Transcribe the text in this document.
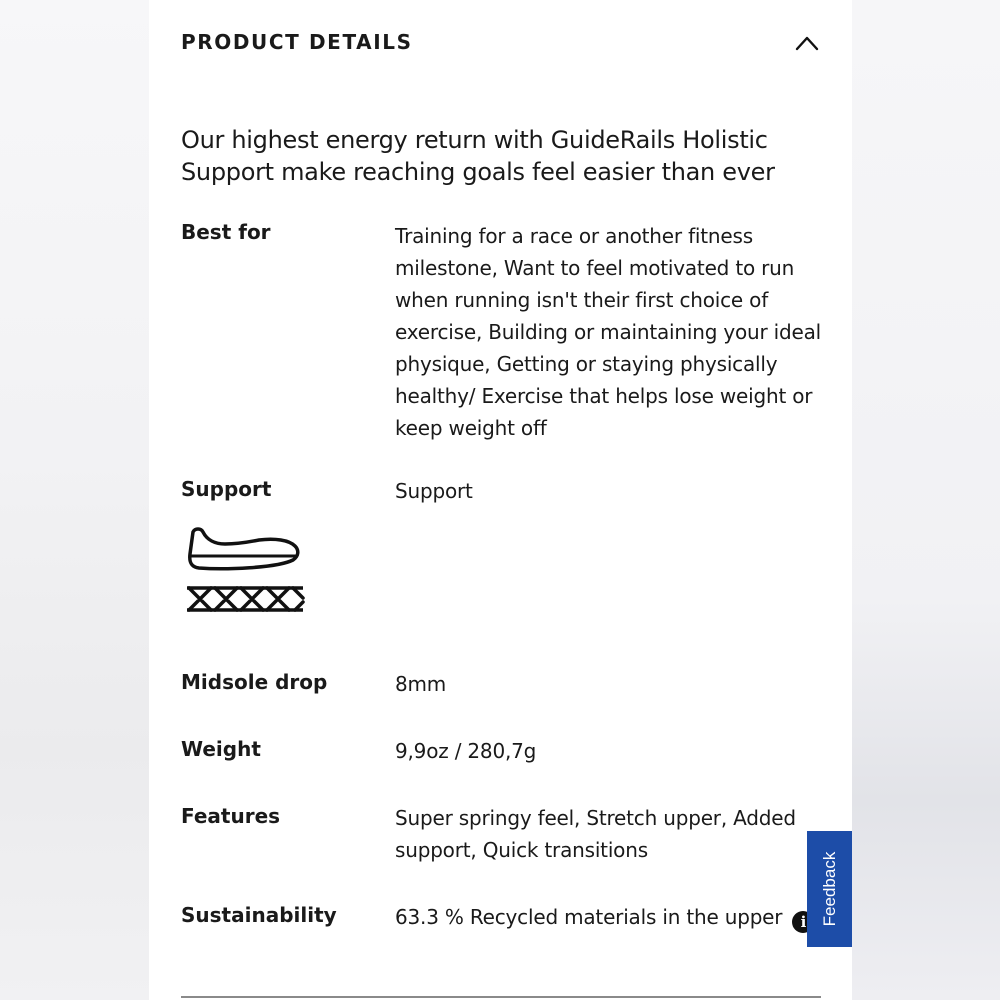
PRODUCT DETAILS

Our highest energy return with GuideRails Holistic Support make reaching goals feel easier than ever

Best for	Training for a race or another fitness milestone, Want to feel motivated to run when running isn't their first choice of exercise, Building or maintaining your ideal physique, Getting or staying physically healthy/ Exercise that helps lose weight or keep weight off
Support	Support
Midsole drop	8mm
Weight	9,9oz / 280,7g
Features	Super springy feel, Stretch upper, Added support, Quick transitions
Sustainability	63.3 % Recycled materials in the upper i Feedback
